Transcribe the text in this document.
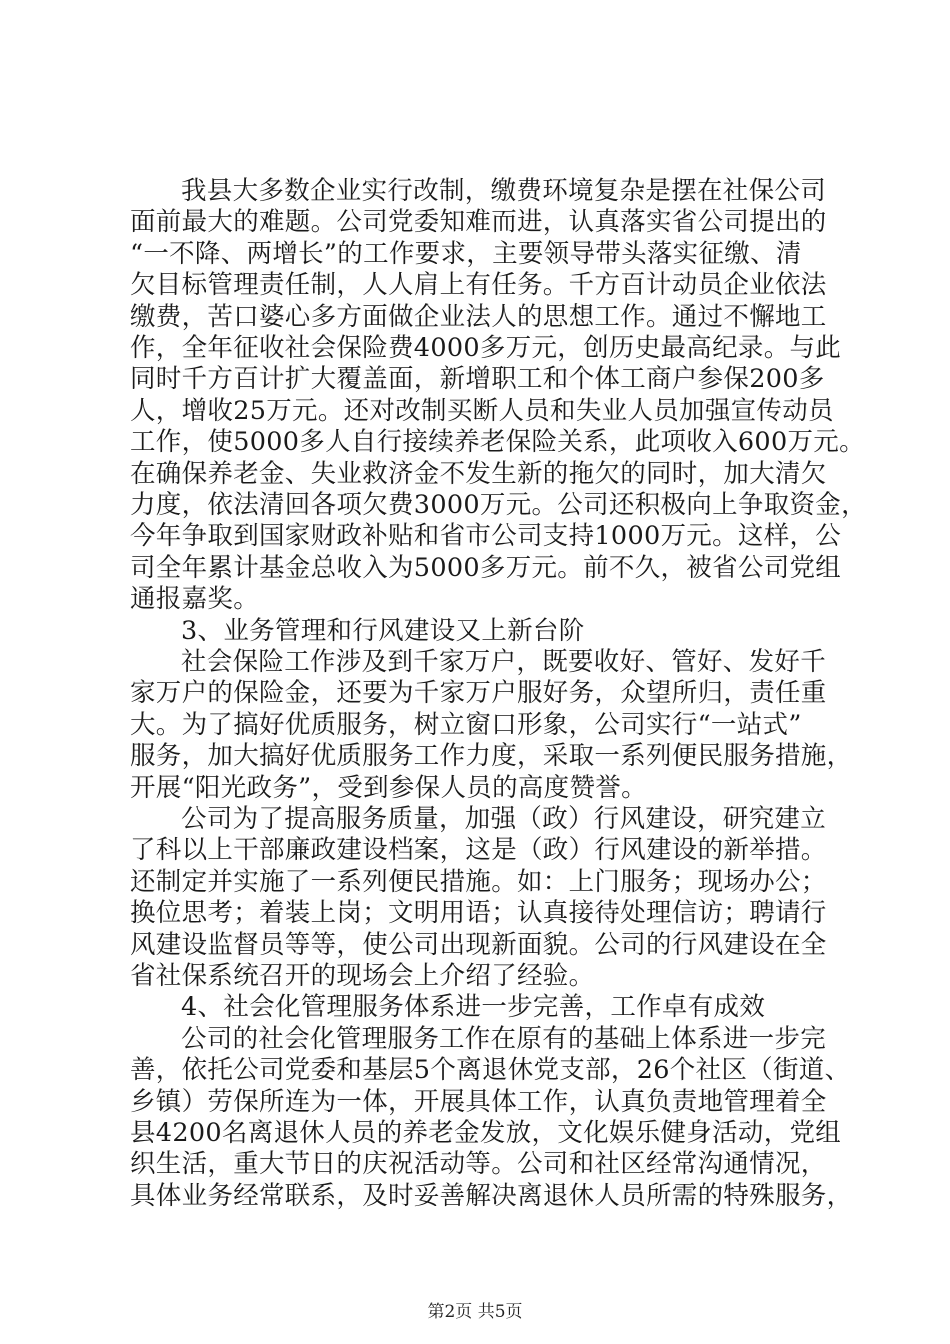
我县大多数企业实行改制，缴费环境复杂是摆在社保公司
面前最大的难题。公司党委知难而进，认真落实省公司提出的
“一不降、两增长”的工作要求，主要领导带头落实征缴、清
欠目标管理责任制，人人肩上有任务。千方百计动员企业依法
缴费，苦口婆心多方面做企业法人的思想工作。通过不懈地工
作，全年征收社会保险费4000多万元，创历史最高纪录。与此
同时千方百计扩大覆盖面，新增职工和个体工商户参保200多
人，增收25万元。还对改制买断人员和失业人员加强宣传动员
工作，使5000多人自行接续养老保险关系，此项收入600万元。
在确保养老金、失业救济金不发生新的拖欠的同时，加大清欠
力度，依法清回各项欠费3000万元。公司还积极向上争取资金，
今年争取到国家财政补贴和省市公司支持1000万元。这样，公
司全年累计基金总收入为5000多万元。前不久，被省公司党组
通报嘉奖。
3、业务管理和行风建设又上新台阶
社会保险工作涉及到千家万户，既要收好、管好、发好千
家万户的保险金，还要为千家万户服好务，众望所归，责任重
大。为了搞好优质服务，树立窗口形象，公司实行“一站式”
服务，加大搞好优质服务工作力度，采取一系列便民服务措施，
开展“阳光政务”，受到参保人员的高度赞誉。
公司为了提高服务质量，加强（政）行风建设，研究建立
了科以上干部廉政建设档案，这是（政）行风建设的新举措。
还制定并实施了一系列便民措施。如：上门服务；现场办公；
换位思考；着装上岗；文明用语；认真接待处理信访；聘请行
风建设监督员等等，使公司出现新面貌。公司的行风建设在全
省社保系统召开的现场会上介绍了经验。
4、社会化管理服务体系进一步完善，工作卓有成效
公司的社会化管理服务工作在原有的基础上体系进一步完
善，依托公司党委和基层5个离退休党支部，26个社区（街道、
乡镇）劳保所连为一体，开展具体工作，认真负责地管理着全
县4200名离退休人员的养老金发放，文化娱乐健身活动，党组
第2页 共5页
织生活，重大节日的庆祝活动等。公司和社区经常沟通情况，
具体业务经常联系，及时妥善解决离退休人员所需的特殊服务，
